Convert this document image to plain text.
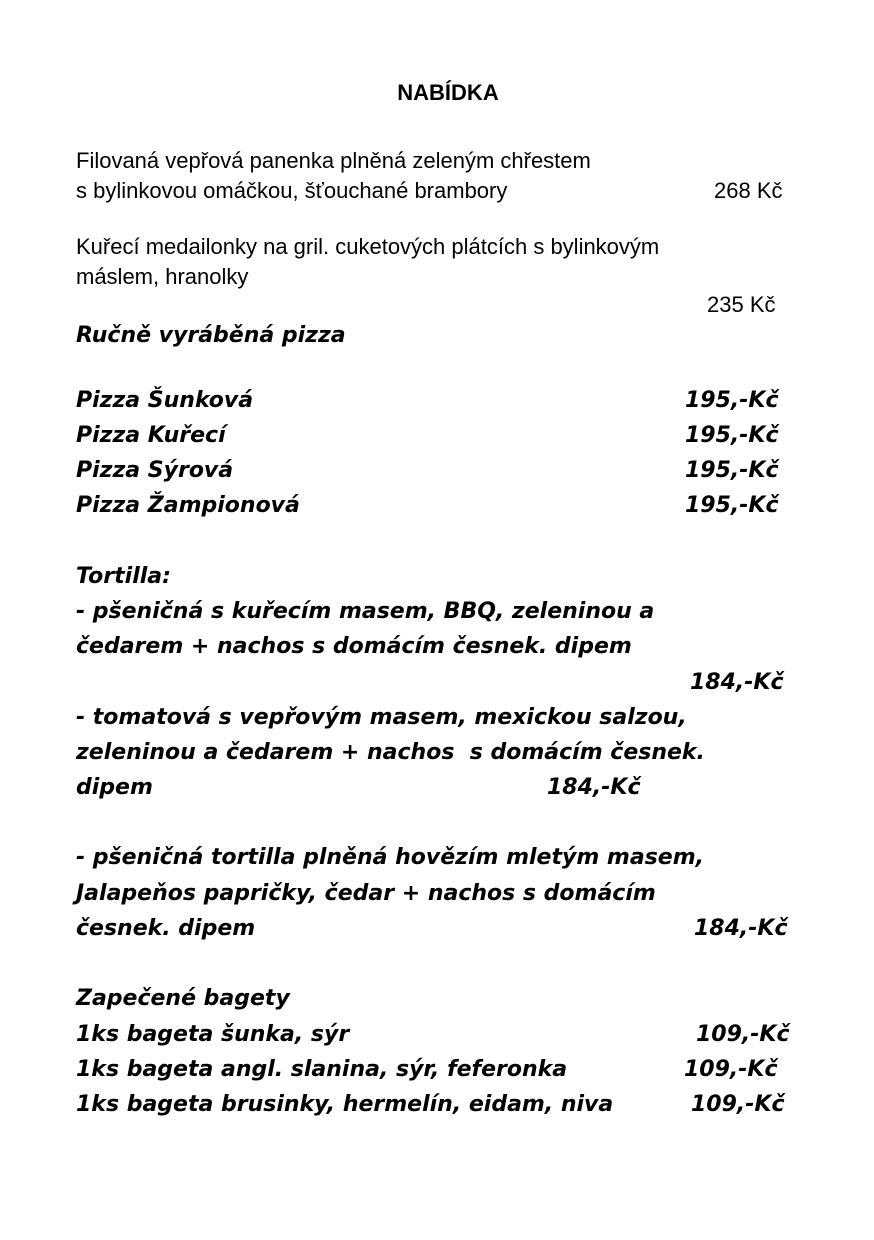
NABÍDKA
Filovaná vepřová panenka plněná zeleným chřestem
s bylinkovou omáčkou, šťouchané brambory	268 Kč
Kuřecí medailonky na gril. cuketových plátcích s bylinkovým
máslem, hranolky
235 Kč
Ručně vyráběná pizza
Pizza Šunková	195,-Kč
Pizza Kuřecí	195,-Kč
Pizza Sýrová	195,-Kč
Pizza Žampionová	195,-Kč
Tortilla:
- pšeničná s kuřecím masem, BBQ, zeleninou a
čedarem + nachos s domácím česnek. dipem
184,-Kč
- tomatová s vepřovým masem, mexickou salzou,
zeleninou a čedarem + nachos  s domácím česnek.
dipem	184,-Kč
- pšeničná tortilla plněná hovězím mletým masem,
Jalapeňos papričky, čedar + nachos s domácím
česnek. dipem	184,-Kč
Zapečené bagety
1ks bageta šunka, sýr	109,-Kč
1ks bageta angl. slanina, sýr, feferonka	109,-Kč
1ks bageta brusinky, hermelín, eidam, niva	109,-Kč
